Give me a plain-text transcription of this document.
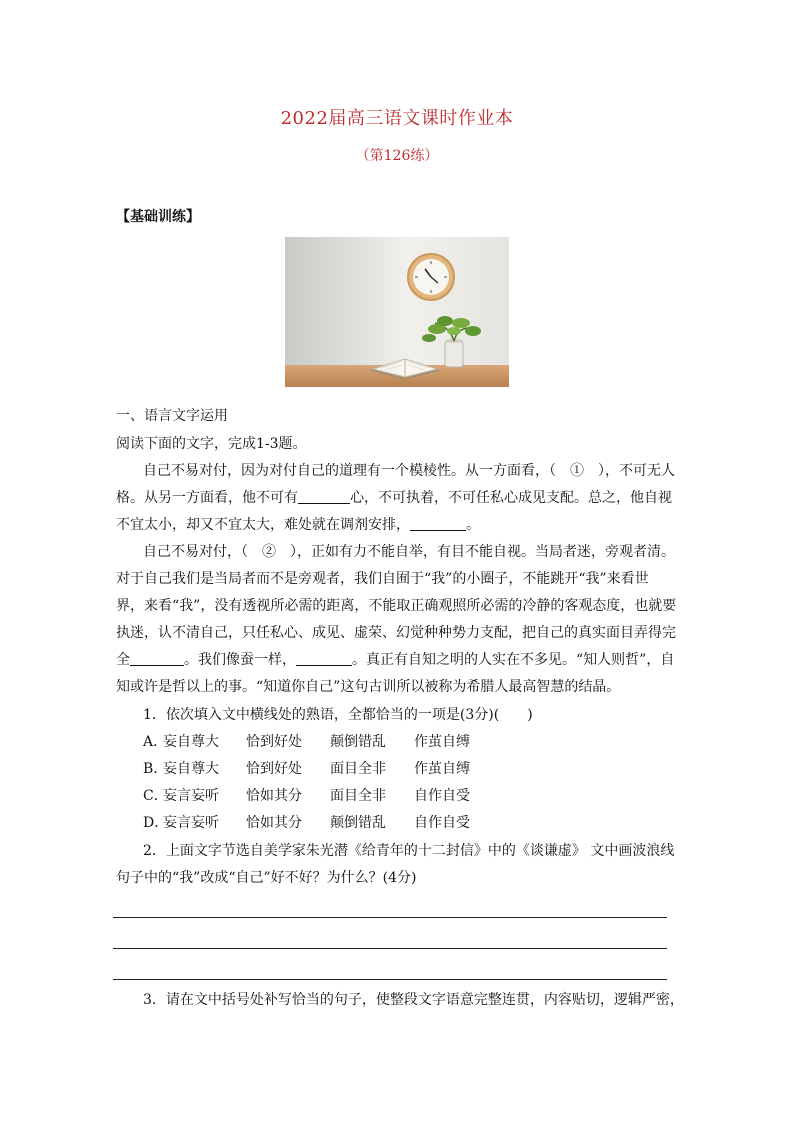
2022届高三语文课时作业本
（第126练）
【基础训练】
一、语言文字运用
阅读下面的文字，完成1-3题。
自己不易对付，因为对付自己的道理有一个模棱性。从一方面看，（　①　），不可无人
格。从另一方面看，他不可有	心，不可执着，不可任私心成见支配。总之，他自视
不宜太小，却又不宜太大，难处就在调剂安排，	。
自己不易对付，（　②　），正如有力不能自举，有目不能自视。当局者迷，旁观者清。
对于自己我们是当局者而不是旁观者，我们自囿于“我”的小圈子，不能跳开“我”来看世
界，来看“我”，没有透视所必需的距离，不能取正确观照所必需的冷静的客观态度，也就要
执迷，认不清自己，只任私心、成见、虚荣、幻觉种种势力支配，把自己的真实面目弄得完
全	。我们像蚕一样，	。真正有自知之明的人实在不多见。“知人则哲”，自
知或许是哲以上的事。“知道你自己”这句古训所以被称为希腊人最高智慧的结晶。
1．依次填入文中横线处的熟语，全都恰当的一项是(3分)(　　)
A．妄自尊大 恰到好处 颠倒错乱 作茧自缚
B．妄自尊大 恰到好处 面目全非 作茧自缚
C．妄言妄听 恰如其分 面目全非 自作自受
D．妄言妄听 恰如其分 颠倒错乱 自作自受
2．上面文字节选自美学家朱光潜《给青年的十二封信》中的《谈谦虚》 文中画波浪线
句子中的“我”改成“自己”好不好？为什么？(4分)
3．请在文中括号处补写恰当的句子，使整段文字语意完整连贯，内容贴切，逻辑严密，
